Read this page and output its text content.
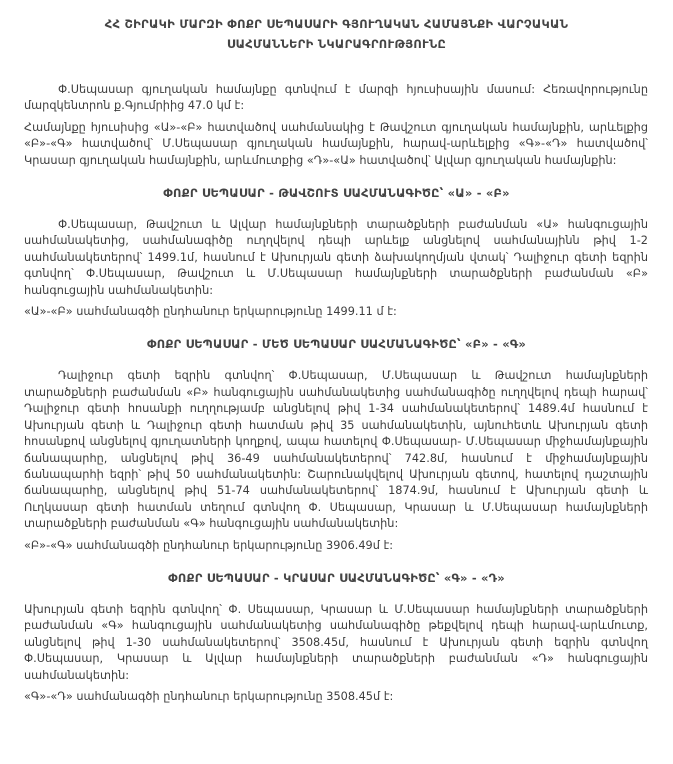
ՀՀ ՇԻՐԱԿԻ ՄԱՐԶԻ ՓՈՔՐ ՍԵՊԱՍԱՐԻ ԳՅՈՒՂԱԿԱՆ ՀԱՄԱՅՆՔԻ ՎԱՐՉԱԿԱՆ
ՍԱՀՄԱՆՆԵՐԻ ՆԿԱՐԱԳՐՈՒԹՅՈՒՆԸ

Փ.Սեպասար գյուղական համայնքը գտնվում է մարզի հյուսիսային մասում: Հեռավորությունը մարզկենտրոն ք.Գյումրիից 47.0 կմ է:

Համայնքը հյուսիսից «Ա»-«Բ» հատվածով սահմանակից է Թավշուտ գյուղական համայնքին, արևելքից «Բ»-«Գ» հատվածով՝ Մ.Սեպասար գյուղական համայնքին, հարավ-արևելքից «Գ»-«Դ» հատվածով՝ Կրասար գյուղական համայնքին, արևմուտքից «Դ»-«Ա» հատվածով՝ Ալվար գյուղական համայնքին:

ՓՈՔՐ ՍԵՊԱՍԱՐ - ԹԱՎՇՈՒՏ ՍԱՀՄԱՆԱԳԻԾԸ՝ «Ա» - «Բ»

Փ.Սեպասար, Թավշուտ և Ալվար համայնքների տարածքների բաժանման «Ա» հանգուցային սահմանակետից, սահմանագիծը ուղղվելով դեպի արևելք անցնելով սահմանայինն թիվ 1-2 սահմանակետերով՝ 1499.1մ, հասնում է Ախուրյան գետի ձախակողմյան վտակ՝ Դալիջուր գետի եզրին գտնվող՝ Փ.Սեպասար, Թավշուտ և Մ.Սեպասար համայնքների տարածքների բաժանման «Բ» հանգուցային սահմանակետին:

«Ա»-«Բ» սահմանագծի ընդհանուր երկարությունը 1499.11 մ է:

ՓՈՔՐ ՍԵՊԱՍԱՐ - ՄԵԾ ՍԵՊԱՍԱՐ ՍԱՀՄԱՆԱԳԻԾԸ՝ «Բ» - «Գ»

Դալիջուր գետի եզրին գտնվող՝ Փ.Սեպասար, Մ.Սեպասար և Թավշուտ համայնքների տարածքների բաժանման «Բ» հանգուցային սահմանակետից սահմանագիծը ուղղվելով դեպի հարավ՝ Դալիջուր գետի հոսանքի ուղղությամբ անցնելով թիվ 1-34 սահմանակետերով՝ 1489.4մ հասնում է Ախուրյան գետի և Դալիջուր գետի հատման թիվ 35 սահմանակետին, այնուհետև Ախուրյան գետի հոսանքով անցնելով գյուղատների կողքով, ապա հատելով Փ.Սեպասար- Մ.Սեպասար միջհամայնքային ճանապարհը, անցնելով թիվ 36-49 սահմանակետերով՝ 742.8մ, հասնում է միջհամայնքային ճանապարհի եզրի՝ թիվ 50 սահմանակետին: Շարունակվելով Ախուրյան գետով, հատելով դաշտային ճանապարհը, անցնելով թիվ 51-74 սահմանակետերով՝ 1874.9մ, հասնում է Ախուրյան գետի և Ուղկասար գետի հատման տեղում գտնվող Փ. Սեպասար, Կրասար և Մ.Սեպասար համայնքների տարածքների բաժանման «Գ» հանգուցային սահմանակետին:

«Բ»-«Գ» սահմանագծի ընդհանուր երկարությունը 3906.49մ է:

ՓՈՔՐ ՍԵՊԱՍԱՐ - ԿՐԱՍԱՐ ՍԱՀՄԱՆԱԳԻԾԸ՝ «Գ» - «Դ»

Ախուրյան գետի եզրին գտնվող՝ Փ. Սեպասար, Կրասար և Մ.Սեպասար համայնքների տարածքների բաժանման «Գ» հանգուցային սահմանակետից սահմանագիծը թեքվելով դեպի հարավ-արևմուտք, անցնելով թիվ 1-30 սահմանակետերով՝ 3508.45մ, հասնում է Ախուրյան գետի եզրին գտնվող Փ.Սեպասար, Կրասար և Ալվար համայնքների տարածքների բաժանման «Դ» հանգուցային սահմանակետին:

«Գ»-«Դ» սահմանագծի ընդհանուր երկարությունը 3508.45մ է:
